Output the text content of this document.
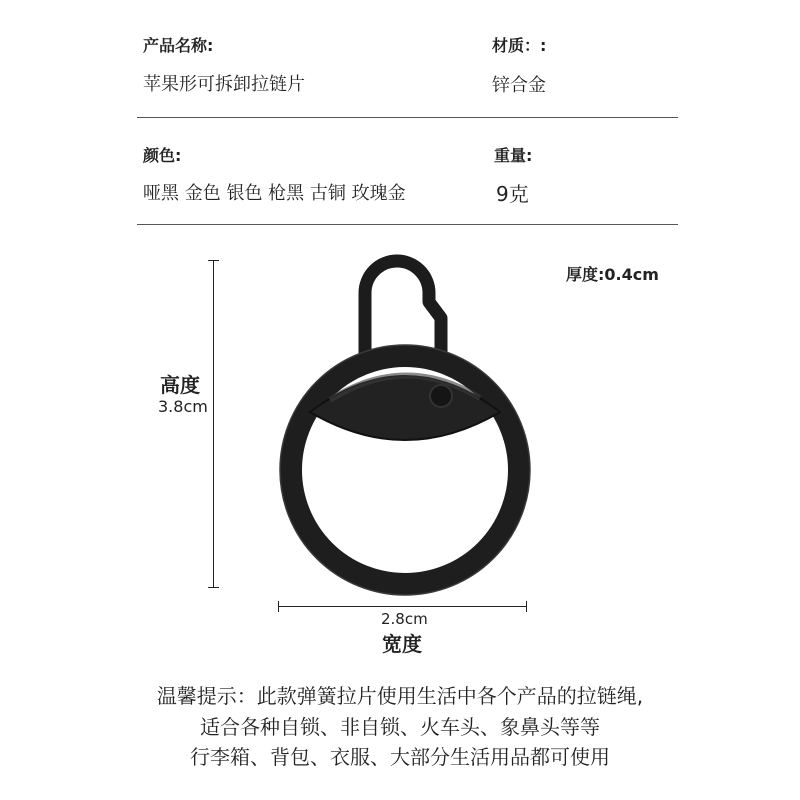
产品名称:
苹果形可拆卸拉链片
材质：:
锌合金
颜色:
哑黑 金色 银色 枪黑 古铜 玫瑰金
重量:
9克
厚度:0.4cm
高度
3.8cm
2.8cm
宽度
温馨提示：此款弹簧拉片使用生活中各个产品的拉链绳,
适合各种自锁、非自锁、火车头、象鼻头等等
行李箱、背包、衣服、大部分生活用品都可使用
